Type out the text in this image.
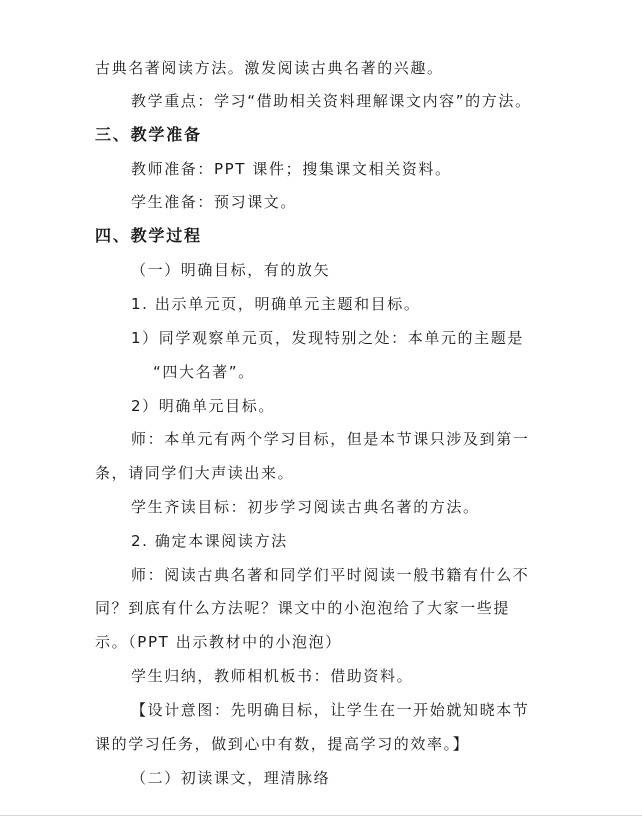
古典名著阅读方法。激发阅读古典名著的兴趣。
教学重点：学习“借助相关资料理解课文内容”的方法。
三、教学准备
教师准备：PPT 课件；搜集课文相关资料。
学生准备：预习课文。
四、教学过程
（一）明确目标，有的放矢
1. 出示单元页，明确单元主题和目标。
1）同学观察单元页，发现特别之处：本单元的主题是
“四大名著”。
2）明确单元目标。
师：本单元有两个学习目标，但是本节课只涉及到第一
条，请同学们大声读出来。
学生齐读目标：初步学习阅读古典名著的方法。
2. 确定本课阅读方法
师：阅读古典名著和同学们平时阅读一般书籍有什么不
同？到底有什么方法呢？课文中的小泡泡给了大家一些提
示。（PPT 出示教材中的小泡泡）
学生归纳，教师相机板书：借助资料。
【设计意图：先明确目标，让学生在一开始就知晓本节
课的学习任务，做到心中有数，提高学习的效率。】
（二）初读课文，理清脉络
